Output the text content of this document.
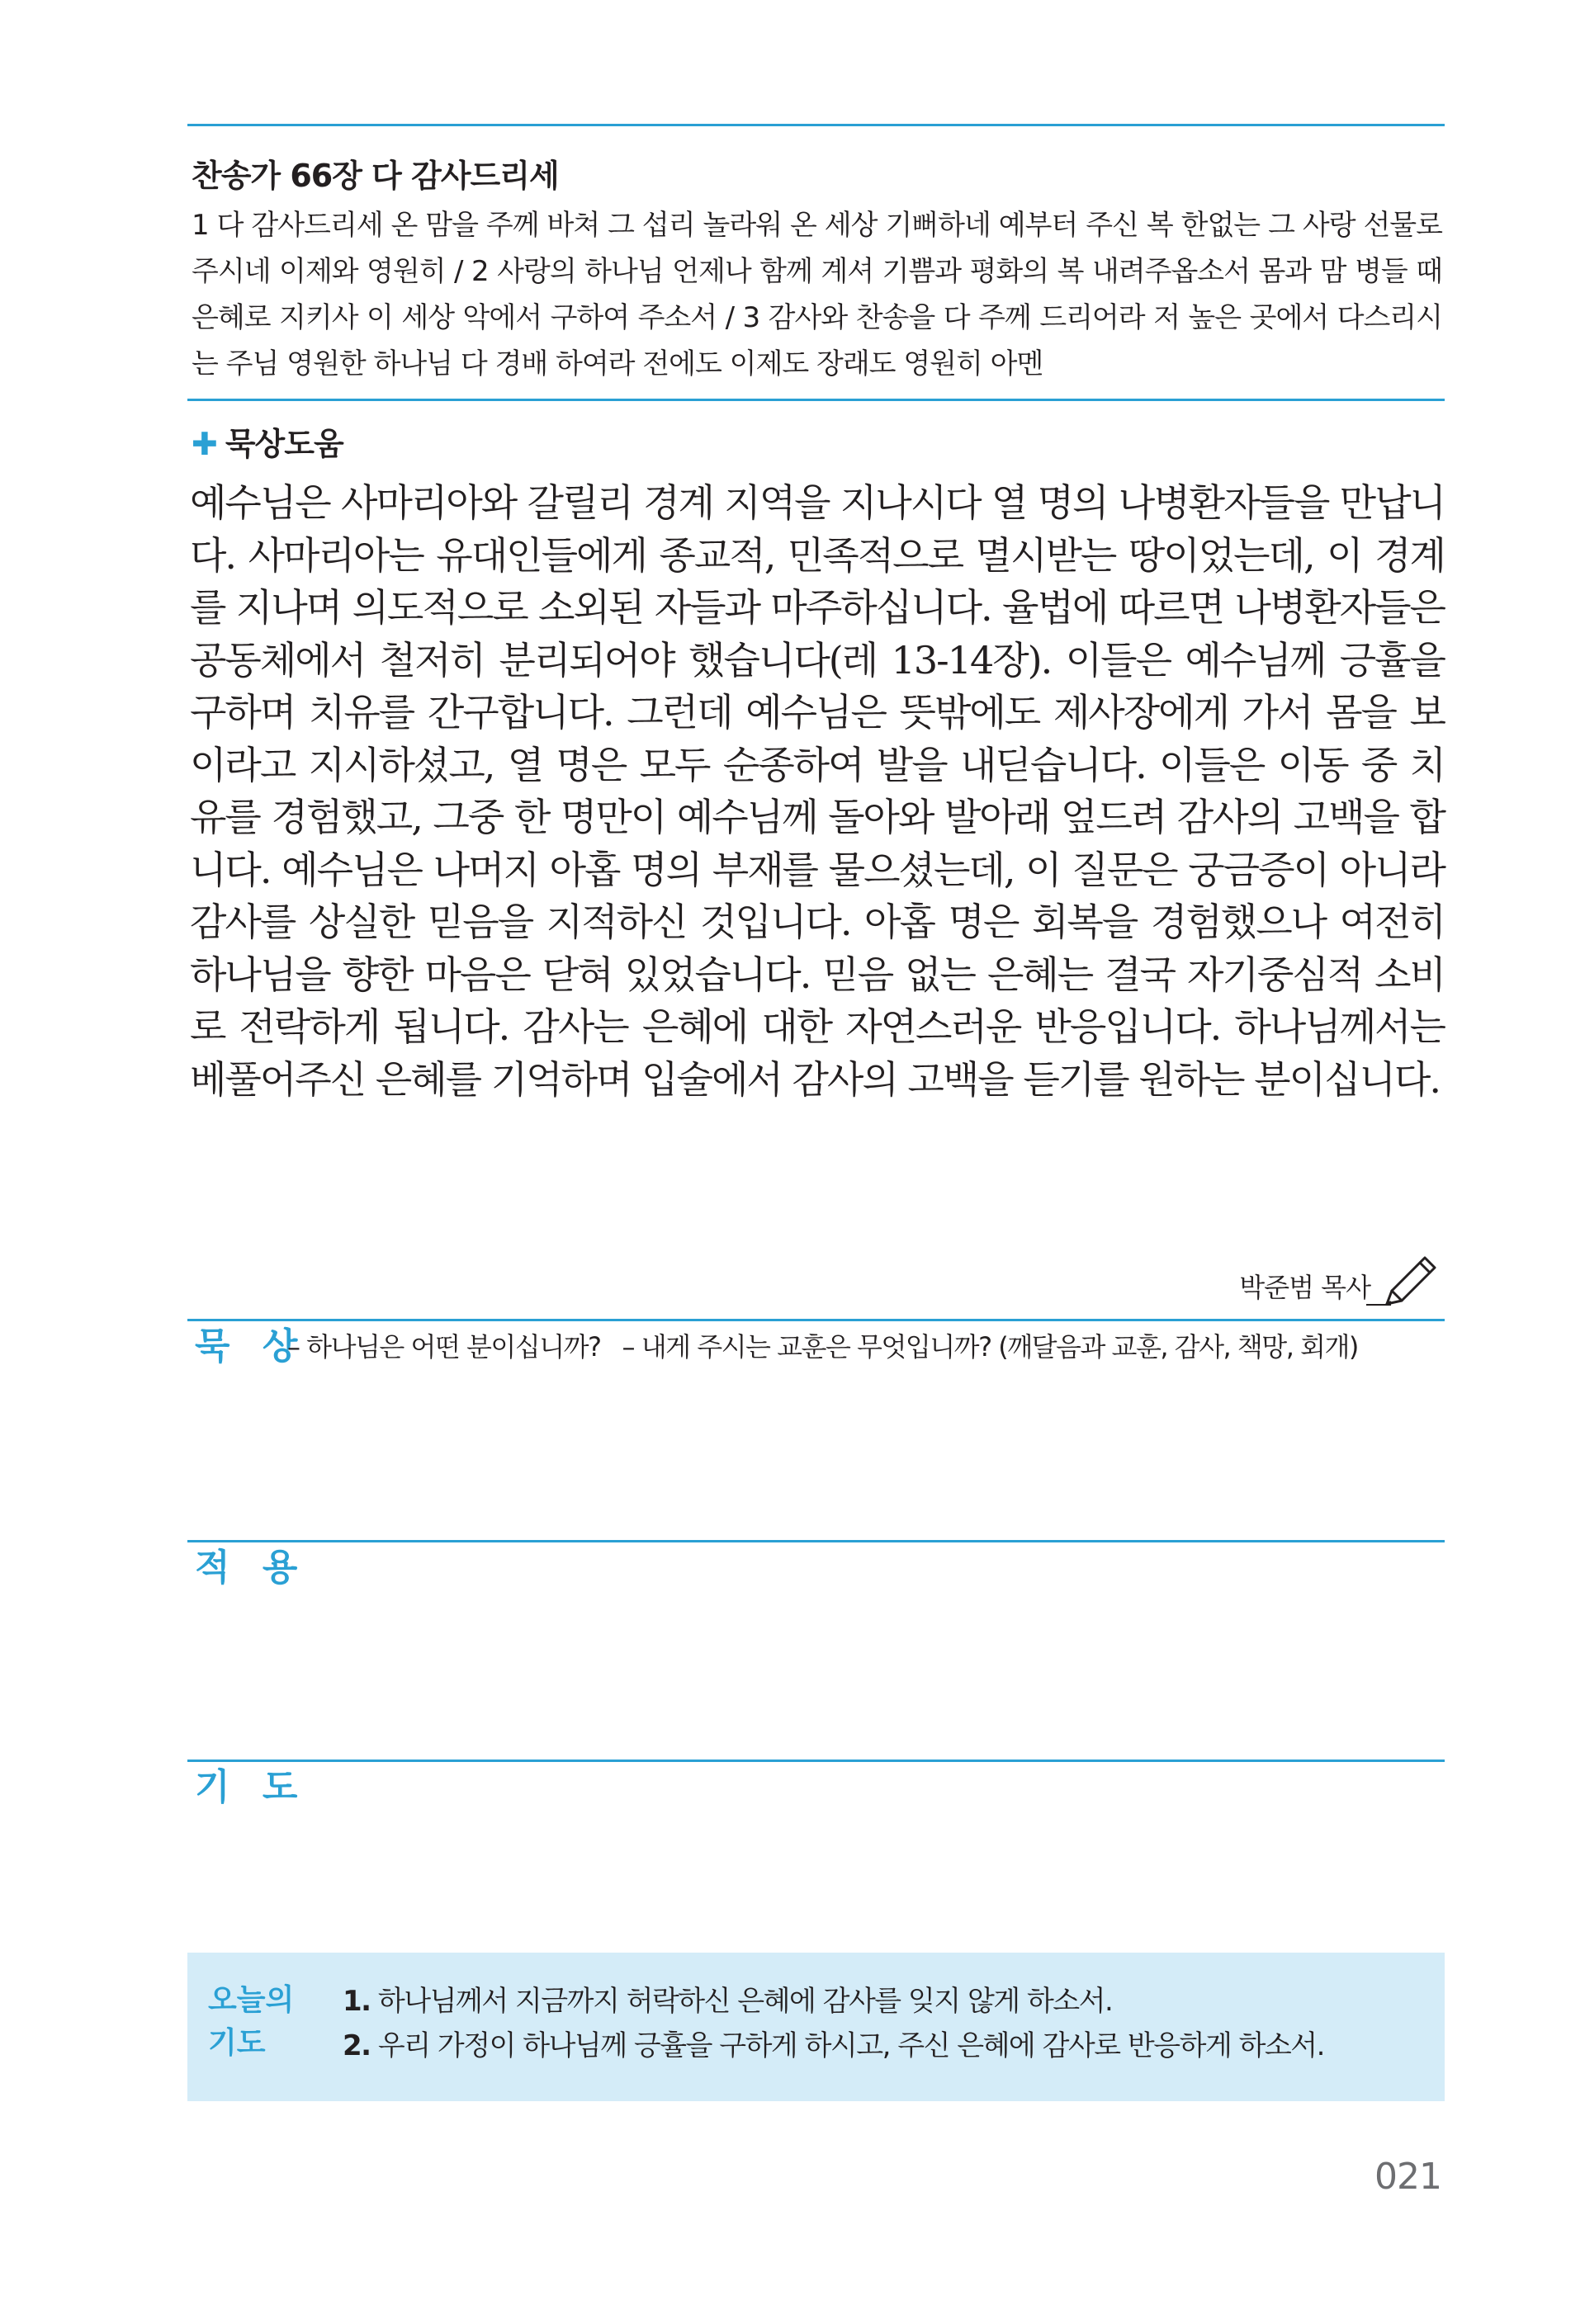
찬송가 66장 다 감사드리세
1 다 감사드리세 온 맘을 주께 바쳐 그 섭리 놀라워 온 세상 기뻐하네 예부터 주신 복 한없는 그 사랑 선물로 주시네 이제와 영원히 / 2 사랑의 하나님 언제나 함께 계셔 기쁨과 평화의 복 내려주옵소서 몸과 맘 병들 때 은혜로 지키사 이 세상 악에서 구하여 주소서 / 3 감사와 찬송을 다 주께 드리어라 저 높은 곳에서 다스리시는 주님 영원한 하나님 다 경배 하여라 전에도 이제도 장래도 영원히 아멘
✚ 묵상도움
예수님은 사마리아와 갈릴리 경계 지역을 지나시다 열 명의 나병환자들을 만납니다. 사마리아는 유대인들에게 종교적, 민족적으로 멸시받는 땅이었는데, 이 경계를 지나며 의도적으로 소외된 자들과 마주하십니다. 율법에 따르면 나병환자들은 공동체에서 철저히 분리되어야 했습니다(레 13-14장). 이들은 예수님께 긍휼을 구하며 치유를 간구합니다. 그런데 예수님은 뜻밖에도 제사장에게 가서 몸을 보이라고 지시하셨고, 열 명은 모두 순종하여 발을 내딛습니다. 이들은 이동 중 치유를 경험했고, 그중 한 명만이 예수님께 돌아와 발아래 엎드려 감사의 고백을 합니다. 예수님은 나머지 아홉 명의 부재를 물으셨는데, 이 질문은 궁금증이 아니라 감사를 상실한 믿음을 지적하신 것입니다. 아홉 명은 회복을 경험했으나 여전히 하나님을 향한 마음은 닫혀 있었습니다. 믿음 없는 은혜는 결국 자기중심적 소비로 전락하게 됩니다. 감사는 은혜에 대한 자연스러운 반응입니다. 하나님께서는 베풀어주신 은혜를 기억하며 입술에서 감사의 고백을 듣기를 원하는 분이십니다.
박준범 목사
묵 상
– 하나님은 어떤 분이십니까? – 내게 주시는 교훈은 무엇입니까? (깨달음과 교훈, 감사, 책망, 회개)
적 용
기 도
오늘의
기도
1. 하나님께서 지금까지 허락하신 은혜에 감사를 잊지 않게 하소서.
2. 우리 가정이 하나님께 긍휼을 구하게 하시고, 주신 은혜에 감사로 반응하게 하소서.
021
